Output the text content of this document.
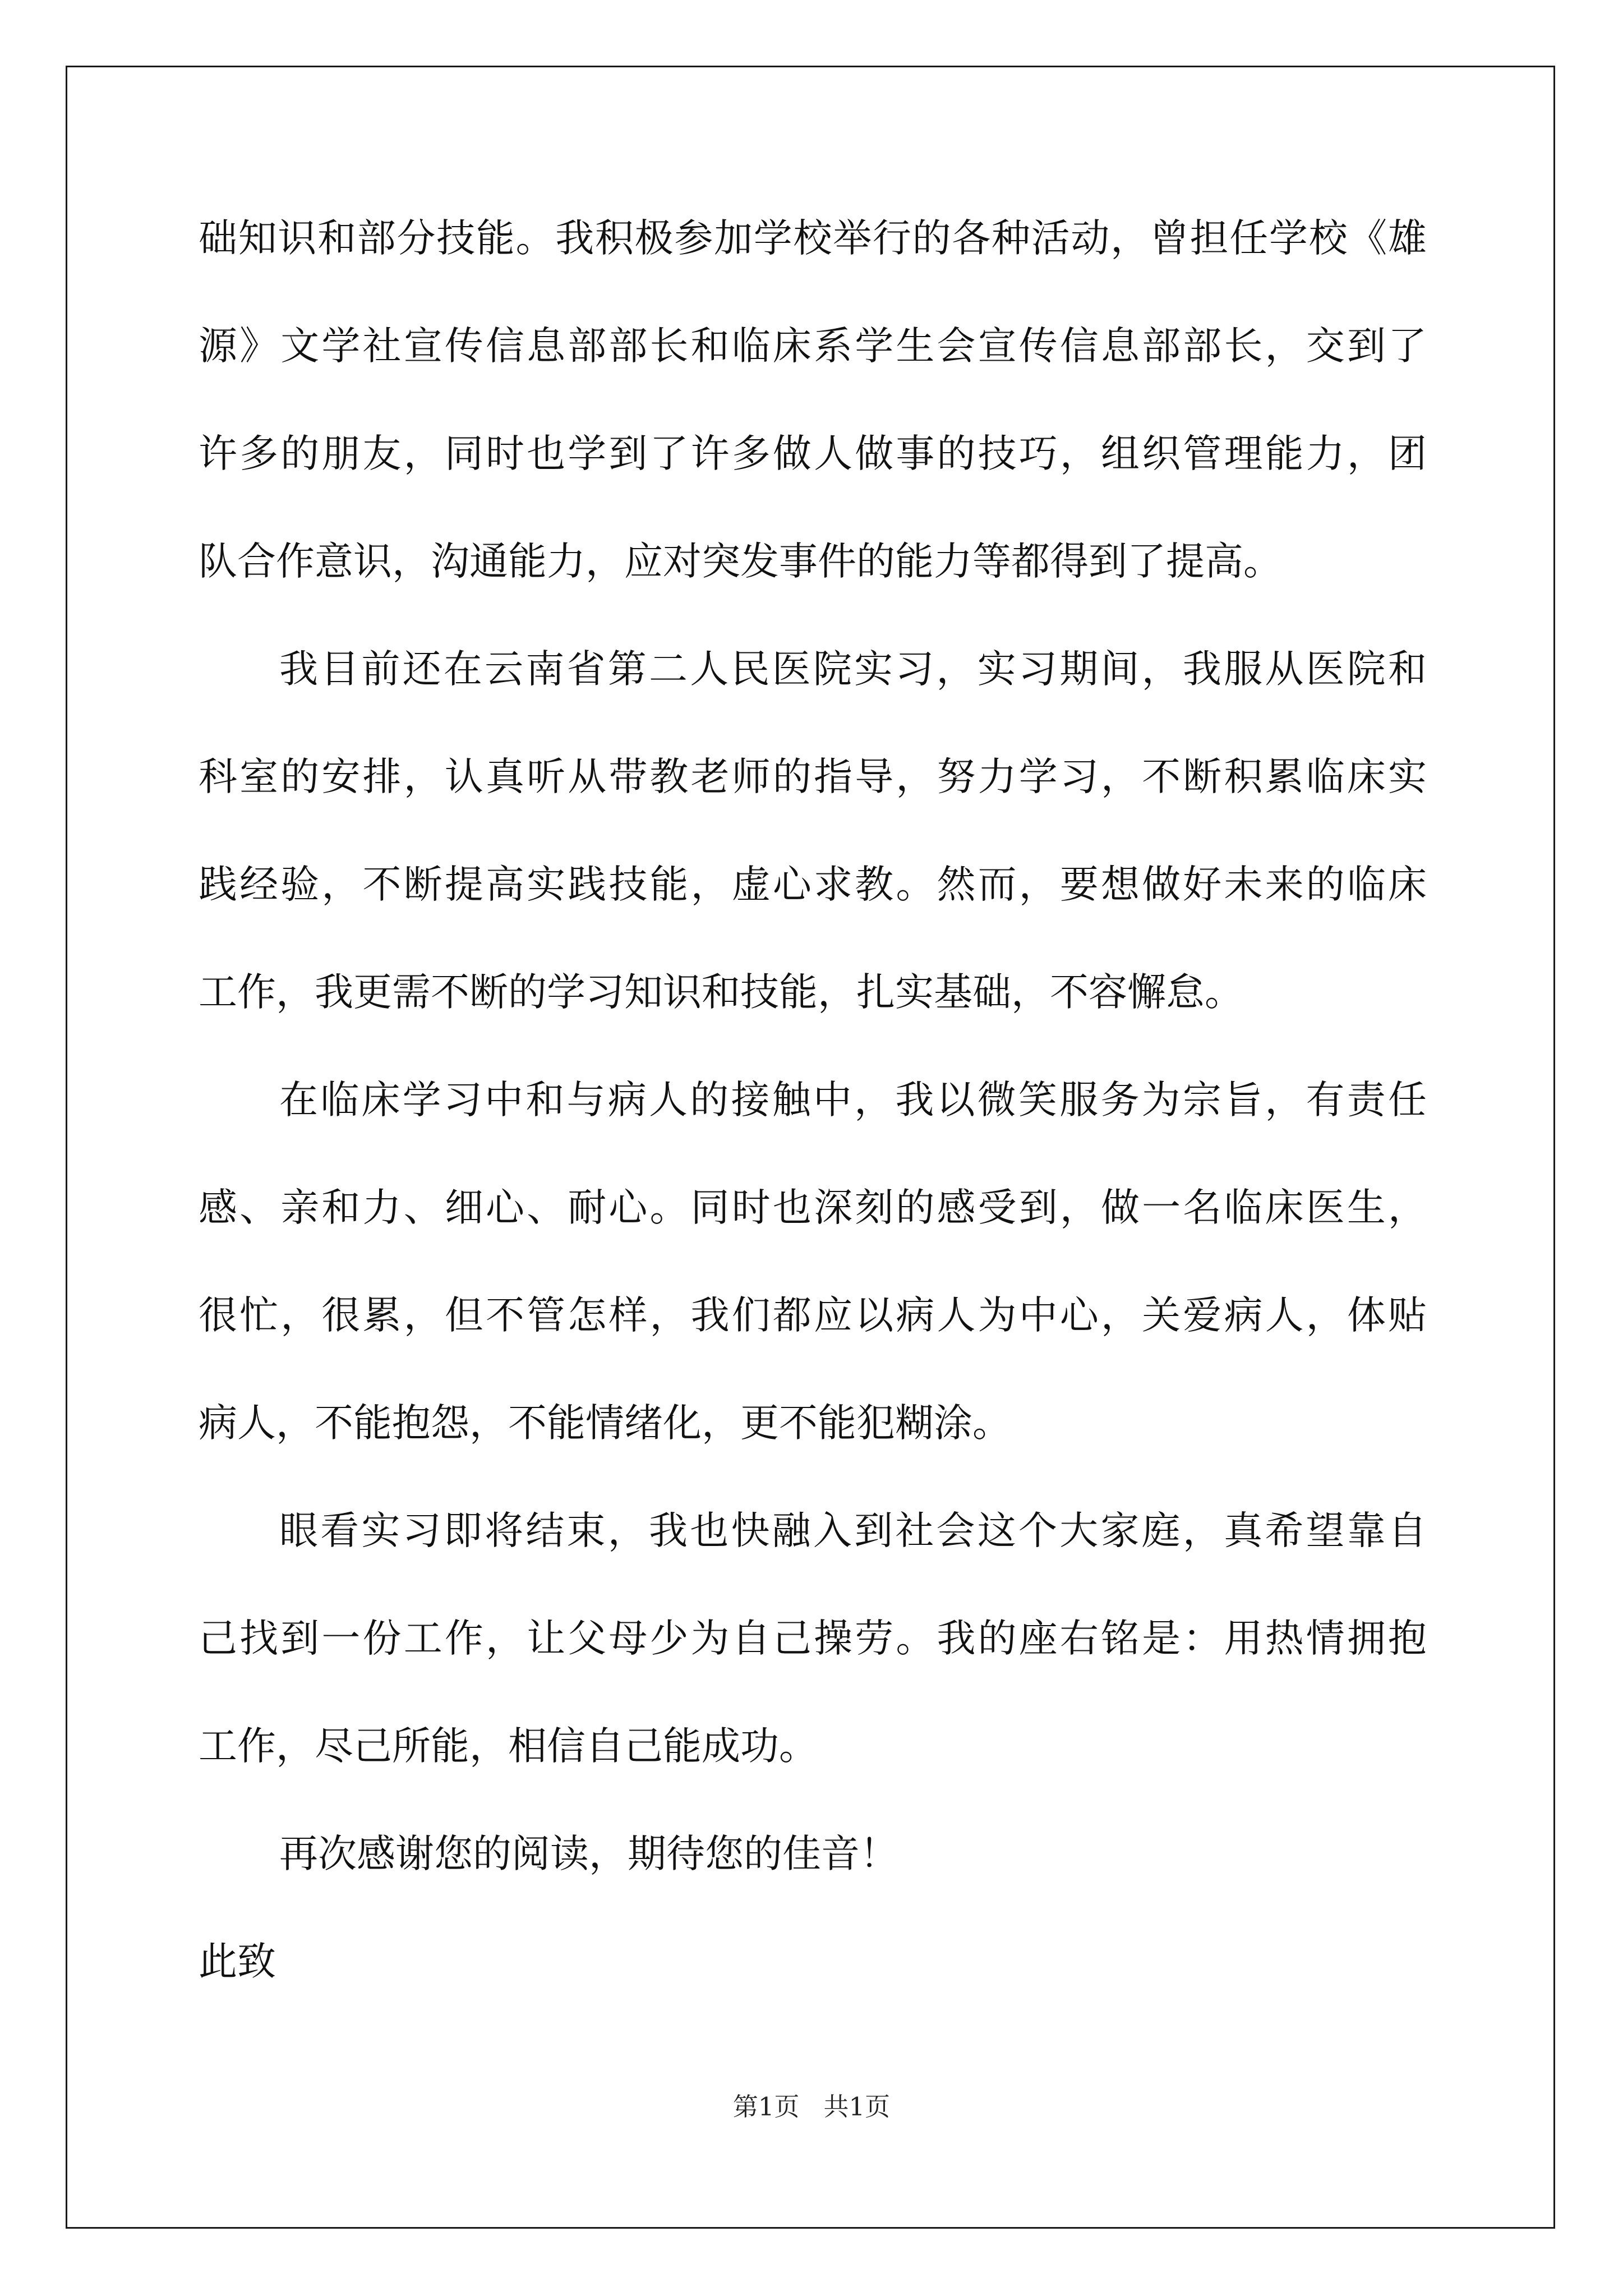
础知识和部分技能。我积极参加学校举行的各种活动，曾担任学校《雄
源》文学社宣传信息部部长和临床系学生会宣传信息部部长，交到了
许多的朋友，同时也学到了许多做人做事的技巧，组织管理能力，团
队合作意识，沟通能力，应对突发事件的能力等都得到了提高。
我目前还在云南省第二人民医院实习，实习期间，我服从医院和
科室的安排，认真听从带教老师的指导，努力学习，不断积累临床实
践经验，不断提高实践技能，虚心求教。然而，要想做好未来的临床
工作，我更需不断的学习知识和技能，扎实基础，不容懈怠。
在临床学习中和与病人的接触中，我以微笑服务为宗旨，有责任
感、亲和力、细心、耐心。同时也深刻的感受到，做一名临床医生，
很忙，很累，但不管怎样，我们都应以病人为中心，关爱病人，体贴
病人，不能抱怨，不能情绪化，更不能犯糊涂。
眼看实习即将结束，我也快融入到社会这个大家庭，真希望靠自
己找到一份工作，让父母少为自己操劳。我的座右铭是：用热情拥抱
工作，尽己所能，相信自己能成功。
再次感谢您的阅读，期待您的佳音！
此致
第1页 共1页
